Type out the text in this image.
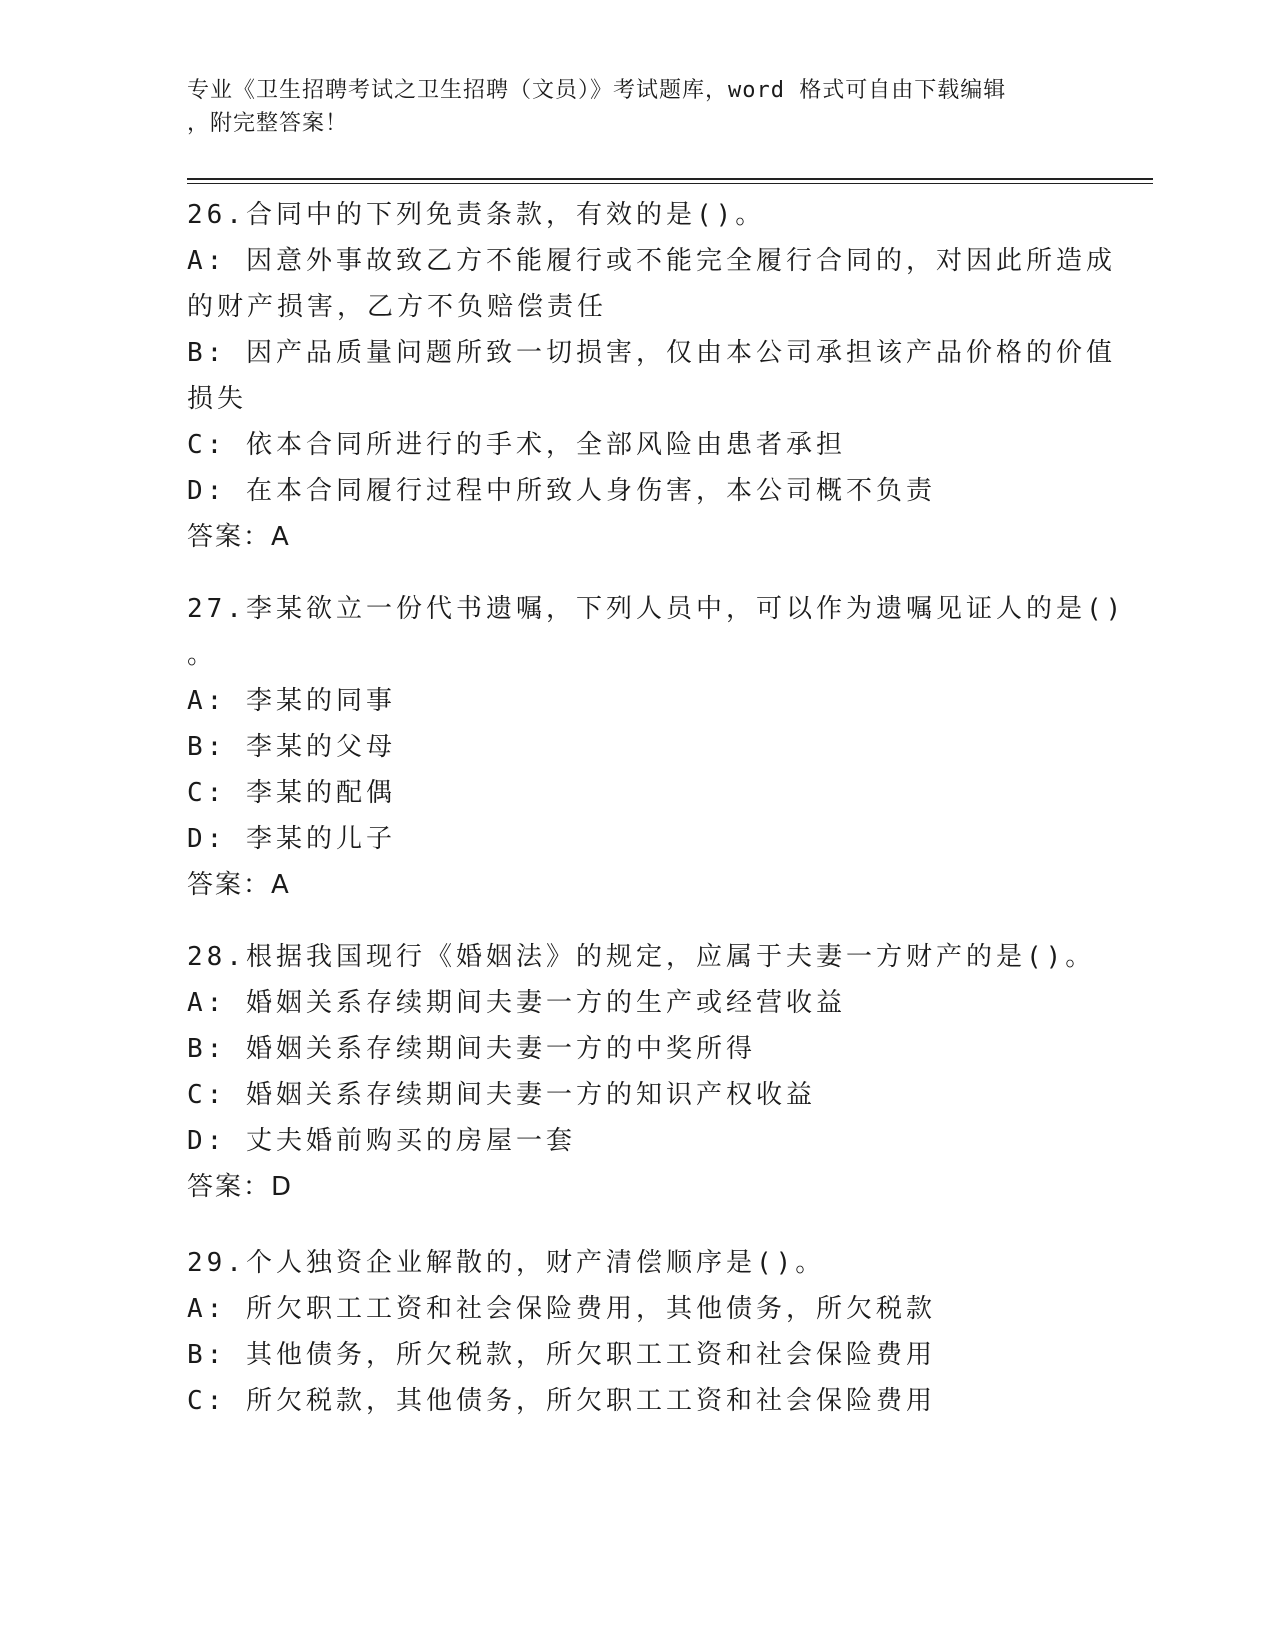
专业《卫生招聘考试之卫生招聘（文员）》考试题库，word 格式可自由下载编辑
，附完整答案！
26.合同中的下列免责条款，有效的是()。
A: 因意外事故致乙方不能履行或不能完全履行合同的，对因此所造成
的财产损害，乙方不负赔偿责任
B: 因产品质量问题所致一切损害，仅由本公司承担该产品价格的价值
损失
C: 依本合同所进行的手术，全部风险由患者承担
D: 在本合同履行过程中所致人身伤害，本公司概不负责
答案：A
27.李某欲立一份代书遗嘱，下列人员中，可以作为遗嘱见证人的是()
。
A: 李某的同事
B: 李某的父母
C: 李某的配偶
D: 李某的儿子
答案：A
28.根据我国现行《婚姻法》的规定，应属于夫妻一方财产的是()。
A: 婚姻关系存续期间夫妻一方的生产或经营收益
B: 婚姻关系存续期间夫妻一方的中奖所得
C: 婚姻关系存续期间夫妻一方的知识产权收益
D: 丈夫婚前购买的房屋一套
答案：D
29.个人独资企业解散的，财产清偿顺序是()。
A: 所欠职工工资和社会保险费用，其他债务，所欠税款
B: 其他债务，所欠税款，所欠职工工资和社会保险费用
C: 所欠税款，其他债务，所欠职工工资和社会保险费用
